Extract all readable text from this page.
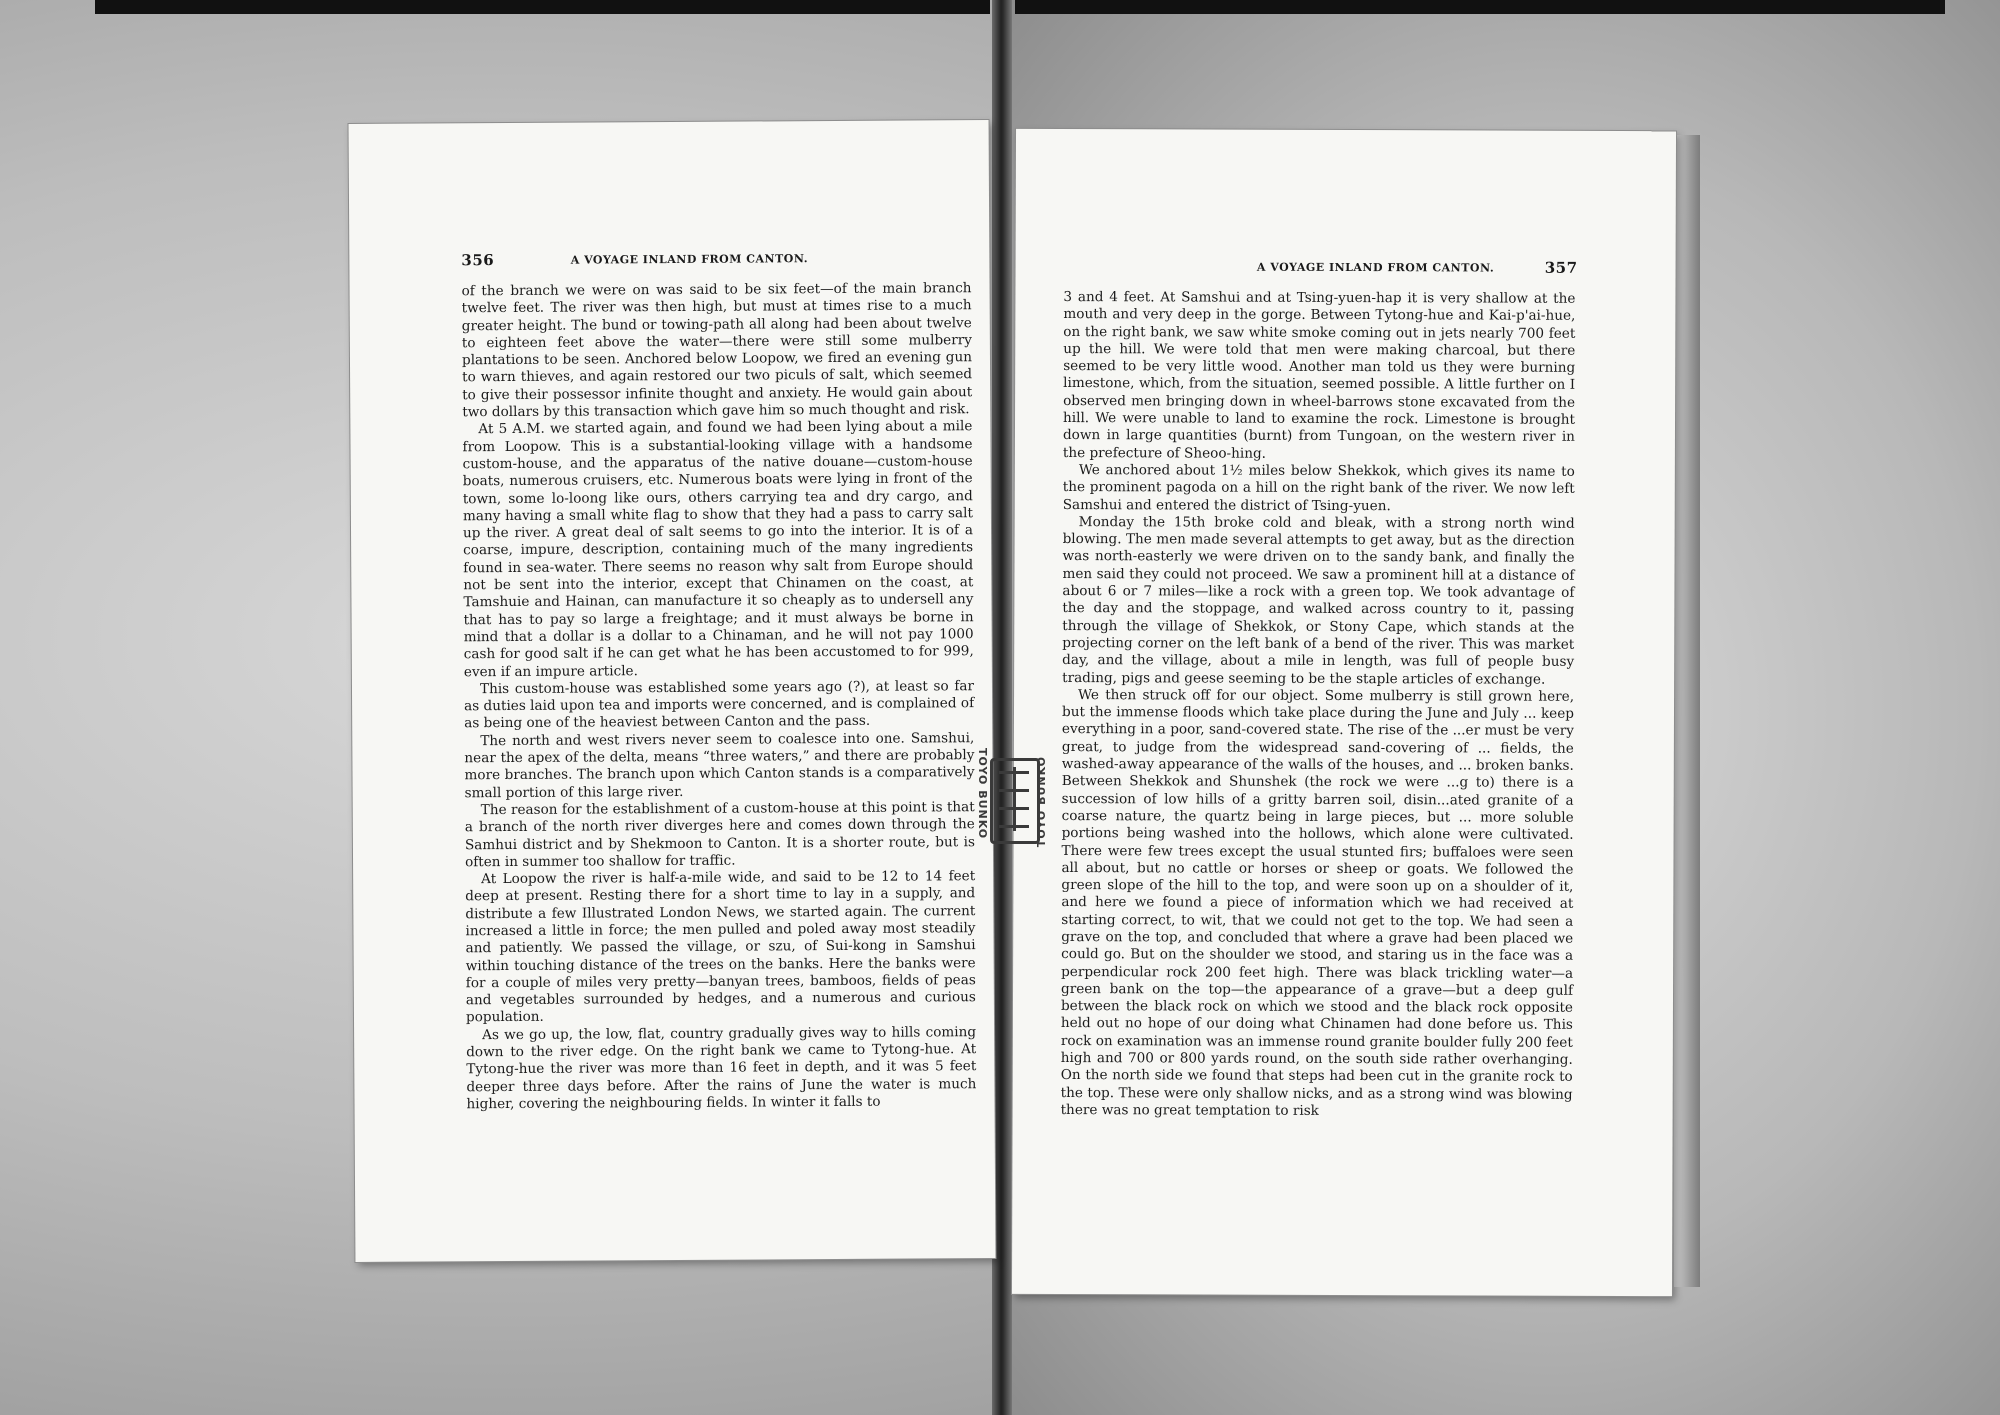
356	A VOYAGE INLAND FROM CANTON.

of the branch we were on was said to be six feet—of the main branch twelve feet. The river was then high, but must at times rise to a much greater height. The bund or towing-path all along had been about twelve to eighteen feet above the water—there were still some mulberry plantations to be seen. Anchored below Loopow, we fired an evening gun to warn thieves, and again restored our two piculs of salt, which seemed to give their possessor infinite thought and anxiety. He would gain about two dollars by this transaction which gave him so much thought and risk.

At 5 A.M. we started again, and found we had been lying about a mile from Loopow. This is a substantial-looking village with a handsome custom-house, and the apparatus of the native douane—custom-house boats, numerous cruisers, etc. Numerous boats were lying in front of the town, some lo-loong like ours, others carrying tea and dry cargo, and many having a small white flag to show that they had a pass to carry salt up the river. A great deal of salt seems to go into the interior. It is of a coarse, impure, description, containing much of the many ingredients found in sea-water. There seems no reason why salt from Europe should not be sent into the interior, except that Chinamen on the coast, at Tamshuie and Hainan, can manufacture it so cheaply as to undersell any that has to pay so large a freightage; and it must always be borne in mind that a dollar is a dollar to a Chinaman, and he will not pay 1000 cash for good salt if he can get what he has been accustomed to for 999, even if an impure article.

This custom-house was established some years ago (?), at least so far as duties laid upon tea and imports were concerned, and is complained of as being one of the heaviest between Canton and the pass.

The north and west rivers never seem to coalesce into one. Samshui, near the apex of the delta, means “three waters,” and there are probably more branches. The branch upon which Canton stands is a comparatively small portion of this large river.

The reason for the establishment of a custom-house at this point is that a branch of the north river diverges here and comes down through the Samhui district and by Shekmoon to Canton. It is a shorter route, but is often in summer too shallow for traffic.

At Loopow the river is half-a-mile wide, and said to be 12 to 14 feet deep at present. Resting there for a short time to lay in a supply, and distribute a few Illustrated London News, we started again. The current increased a little in force; the men pulled and poled away most steadily and patiently. We passed the village, or szu, of Sui-kong in Samshui within touching distance of the trees on the banks. Here the banks were for a couple of miles very pretty—banyan trees, bamboos, fields of peas and vegetables surrounded by hedges, and a numerous and curious population.

As we go up, the low, flat, country gradually gives way to hills coming down to the river edge. On the right bank we came to Tytong-hue. At Tytong-hue the river was more than 16 feet in depth, and it was 5 feet deeper three days before. After the rains of June the water is much higher, covering the neighbouring fields. In winter it falls to

A VOYAGE INLAND FROM CANTON.	357

3 and 4 feet. At Samshui and at Tsing-yuen-hap it is very shallow at the mouth and very deep in the gorge. Between Tytong-hue and Kai-p'ai-hue, on the right bank, we saw white smoke coming out in jets nearly 700 feet up the hill. We were told that men were making charcoal, but there seemed to be very little wood. Another man told us they were burning limestone, which, from the situation, seemed possible. A little further on I observed men bringing down in wheel-barrows stone excavated from the hill. We were unable to land to examine the rock. Limestone is brought down in large quantities (burnt) from Tungoan, on the western river in the prefecture of Sheoo-hing.

We anchored about 1½ miles below Shekkok, which gives its name to the prominent pagoda on a hill on the right bank of the river. We now left Samshui and entered the district of Tsing-yuen.

Monday the 15th broke cold and bleak, with a strong north wind blowing. The men made several attempts to get away, but as the direction was north-easterly we were driven on to the sandy bank, and finally the men said they could not proceed. We saw a prominent hill at a distance of about 6 or 7 miles—like a rock with a green top. We took advantage of the day and the stoppage, and walked across country to it, passing through the village of Shekkok, or Stony Cape, which stands at the projecting corner on the left bank of a bend of the river. This was market day, and the village, about a mile in length, was full of people busy trading, pigs and geese seeming to be the staple articles of exchange.

We then struck off for our object. Some mulberry is still grown here, but the immense floods which take place during the June and July ... keep everything in a poor, sand-covered state. The rise of the ...er must be very great, to judge from the widespread sand-covering of ... fields, the washed-away appearance of the walls of the houses, and ... broken banks. Between Shekkok and Shunshek (the rock we were ...g to) there is a succession of low hills of a gritty barren soil, disin...ated granite of a coarse nature, the quartz being in large pieces, but ... more soluble portions being washed into the hollows, which alone were cultivated. There were few trees except the usual stunted firs; buffaloes were seen all about, but no cattle or horses or sheep or goats. We followed the green slope of the hill to the top, and were soon up on a shoulder of it, and here we found a piece of information which we had received at starting correct, to wit, that we could not get to the top. We had seen a grave on the top, and concluded that where a grave had been placed we could go. But on the shoulder we stood, and staring us in the face was a perpendicular rock 200 feet high. There was black trickling water—a green bank on the top—the appearance of a grave—but a deep gulf between the black rock on which we stood and the black rock opposite held out no hope of our doing what Chinamen had done before us. This rock on examination was an immense round granite boulder fully 200 feet high and 700 or 800 yards round, on the south side rather overhanging. On the north side we found that steps had been cut in the granite rock to the top. These were only shallow nicks, and as a strong wind was blowing there was no great temptation to risk

TOYO BUNKO	TOYO BUNKO
